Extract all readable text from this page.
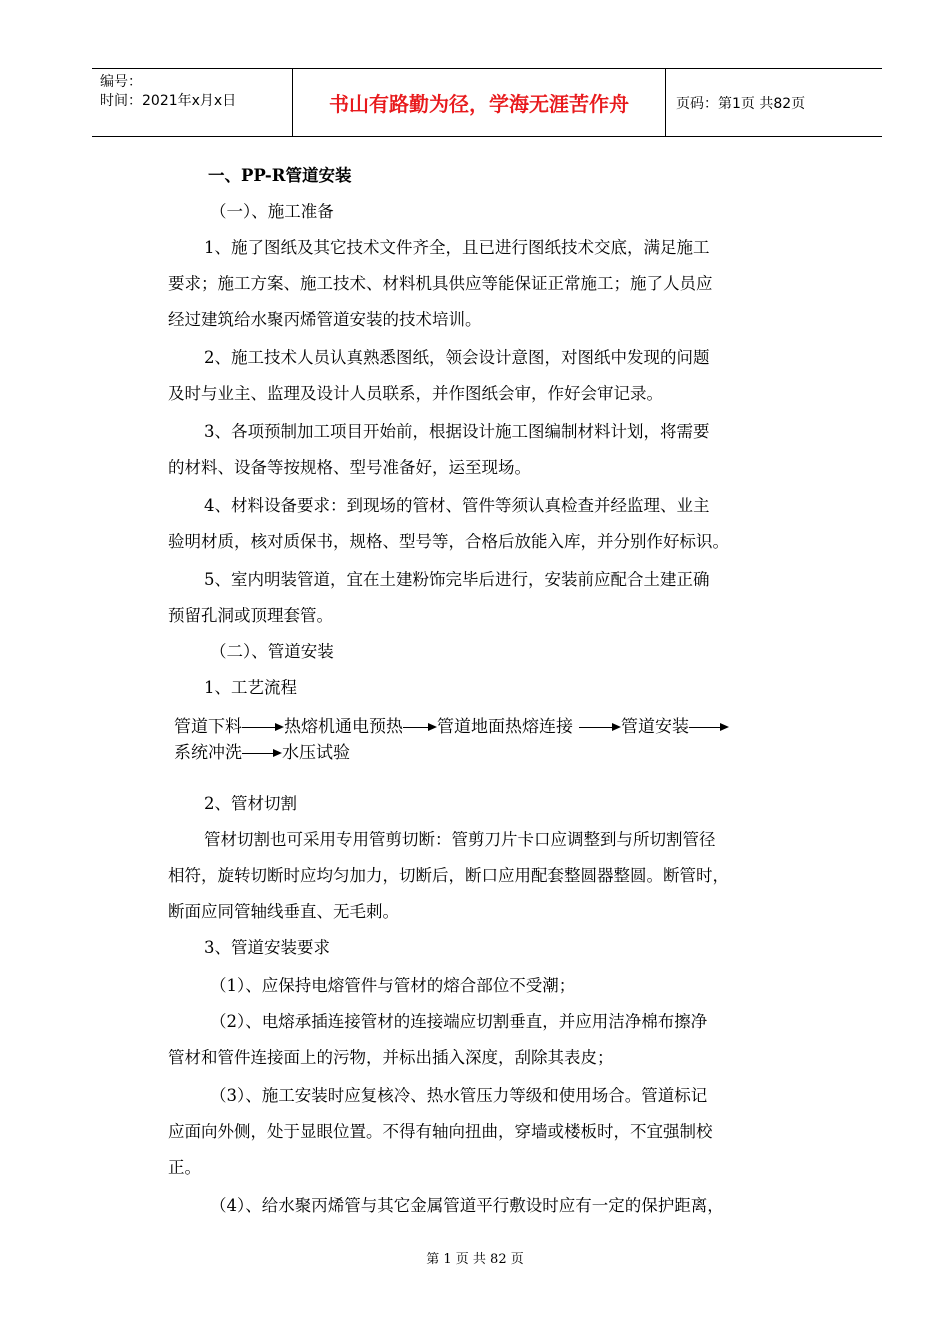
编号：
时间：2021年x月x日	书山有路勤为径，学海无涯苦作舟	页码：第1页 共82页
一、PP-R管道安装
（一）、施工准备
1、施了图纸及其它技术文件齐全，且已进行图纸技术交底，满足施工
要求；施工方案、施工技术、材料机具供应等能保证正常施工；施了人员应
经过建筑给水聚丙烯管道安装的技术培训。
2、施工技术人员认真熟悉图纸，领会设计意图，对图纸中发现的问题
及时与业主、监理及设计人员联系，并作图纸会审，作好会审记录。
3、各项预制加工项目开始前，根据设计施工图编制材料计划，将需要
的材料、设备等按规格、型号准备好，运至现场。
4、材料设备要求：到现场的管材、管件等须认真检查并经监理、业主
验明材质，核对质保书，规格、型号等，合格后放能入库，并分别作好标识。
5、室内明装管道，宜在土建粉饰完毕后进行，安装前应配合土建正确
预留孔洞或顶理套管。
（二）、管道安装
1、工艺流程
管道下料 热熔机通电预热 管道地面热熔连接	管道安装
系统冲洗 水压试验
2、管材切割
管材切割也可采用专用管剪切断：管剪刀片卡口应调整到与所切割管径
相符，旋转切断时应均匀加力，切断后，断口应用配套整圆器整圆。断管时，
断面应同管轴线垂直、无毛刺。
3、管道安装要求
（1）、应保持电熔管件与管材的熔合部位不受潮；
（2）、电熔承插连接管材的连接端应切割垂直，并应用洁净棉布擦净
管材和管件连接面上的污物，并标出插入深度，刮除其表皮；
（3）、施工安装时应复核冷、热水管压力等级和使用场合。管道标记
应面向外侧，处于显眼位置。不得有轴向扭曲，穿墙或楼板时，不宜强制校
正。
（4）、给水聚丙烯管与其它金属管道平行敷设时应有一定的保护距离，
第 1 页 共 82 页
